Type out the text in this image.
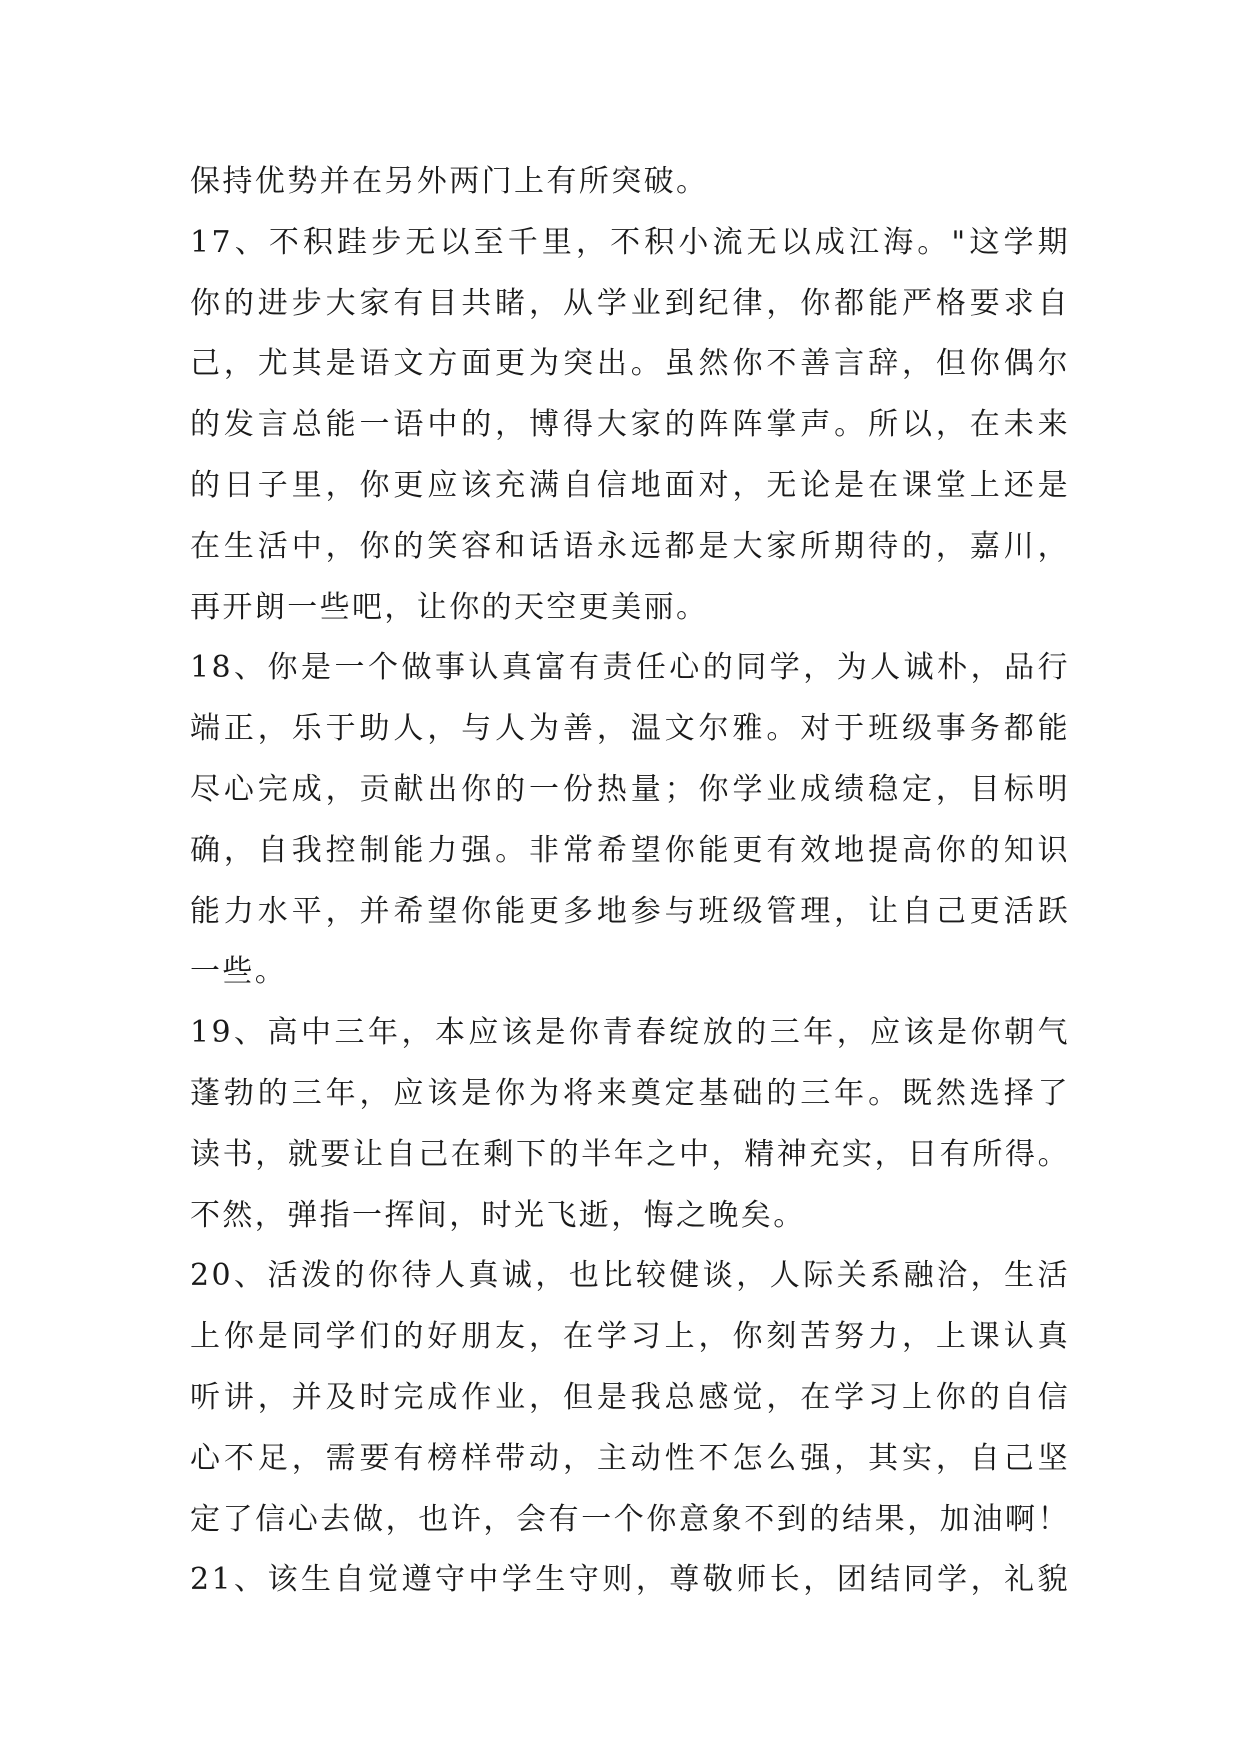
保持优势并在另外两门上有所突破。
17、不积跬步无以至千里，不积小流无以成江海。"这学期
你的进步大家有目共睹，从学业到纪律，你都能严格要求自
己，尤其是语文方面更为突出。虽然你不善言辞，但你偶尔
的发言总能一语中的，博得大家的阵阵掌声。所以，在未来
的日子里，你更应该充满自信地面对，无论是在课堂上还是
在生活中，你的笑容和话语永远都是大家所期待的，嘉川，
再开朗一些吧，让你的天空更美丽。
18、你是一个做事认真富有责任心的同学，为人诚朴，品行
端正，乐于助人，与人为善，温文尔雅。对于班级事务都能
尽心完成，贡献出你的一份热量；你学业成绩稳定，目标明
确，自我控制能力强。非常希望你能更有效地提高你的知识
能力水平，并希望你能更多地参与班级管理，让自己更活跃
一些。
19、高中三年，本应该是你青春绽放的三年，应该是你朝气
蓬勃的三年，应该是你为将来奠定基础的三年。既然选择了
读书，就要让自己在剩下的半年之中，精神充实，日有所得。
不然，弹指一挥间，时光飞逝，悔之晚矣。
20、活泼的你待人真诚，也比较健谈，人际关系融洽，生活
上你是同学们的好朋友，在学习上，你刻苦努力，上课认真
听讲，并及时完成作业，但是我总感觉，在学习上你的自信
心不足，需要有榜样带动，主动性不怎么强，其实，自己坚
定了信心去做，也许，会有一个你意象不到的结果，加油啊！
21、该生自觉遵守中学生守则，尊敬师长，团结同学，礼貌
